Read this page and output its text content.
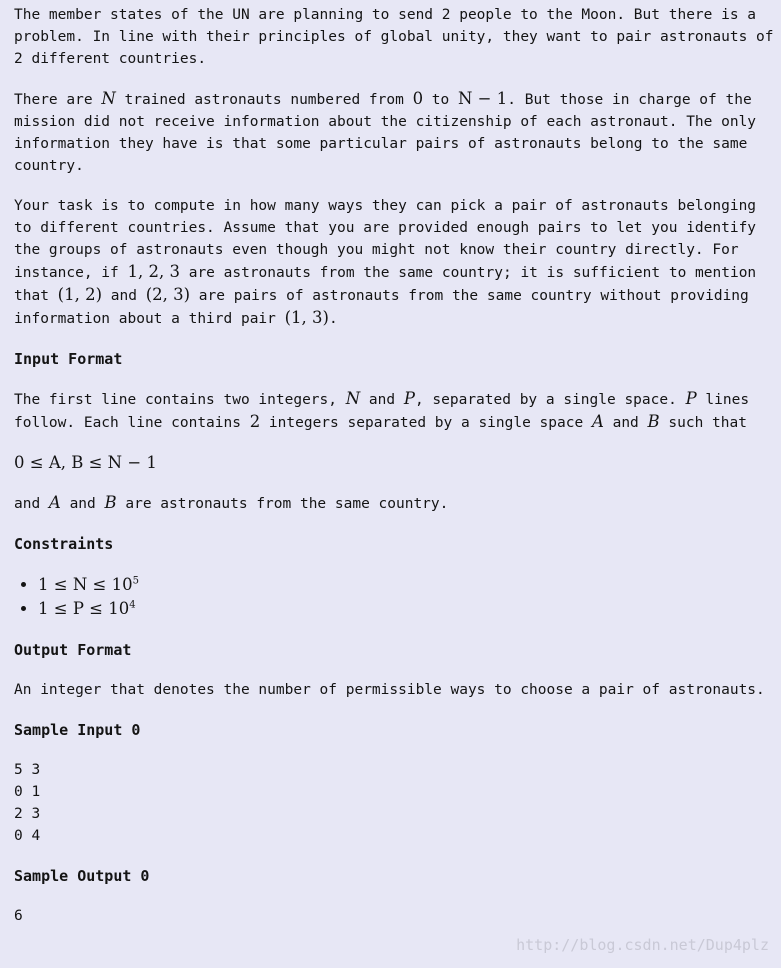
The member states of the UN are planning to send 2 people to the Moon. But there is a problem. In line with their principles of global unity, they want to pair astronauts of 2 different countries.

There are N trained astronauts numbered from 0 to N − 1. But those in charge of the mission did not receive information about the citizenship of each astronaut. The only information they have is that some particular pairs of astronauts belong to the same country.

Your task is to compute in how many ways they can pick a pair of astronauts belonging to different countries. Assume that you are provided enough pairs to let you identify the groups of astronauts even though you might not know their country directly. For instance, if 1, 2, 3 are astronauts from the same country; it is sufficient to mention that (1, 2) and (2, 3) are pairs of astronauts from the same country without providing information about a third pair (1, 3).

Input Format

The first line contains two integers, N and P, separated by a single space. P lines follow. Each line contains 2 integers separated by a single space A and B such that

0 ≤ A, B ≤ N − 1

and A and B are astronauts from the same country.

Constraints
• $1 \le N \le 10^5$
• $1 \le P \le 10^4$
Output Format

An integer that denotes the number of permissible ways to choose a pair of astronauts.

Sample Input 0
5 3
0 1
2 3
0 4
Sample Output 0
6
http://blog.csdn.net/Dup4plz
